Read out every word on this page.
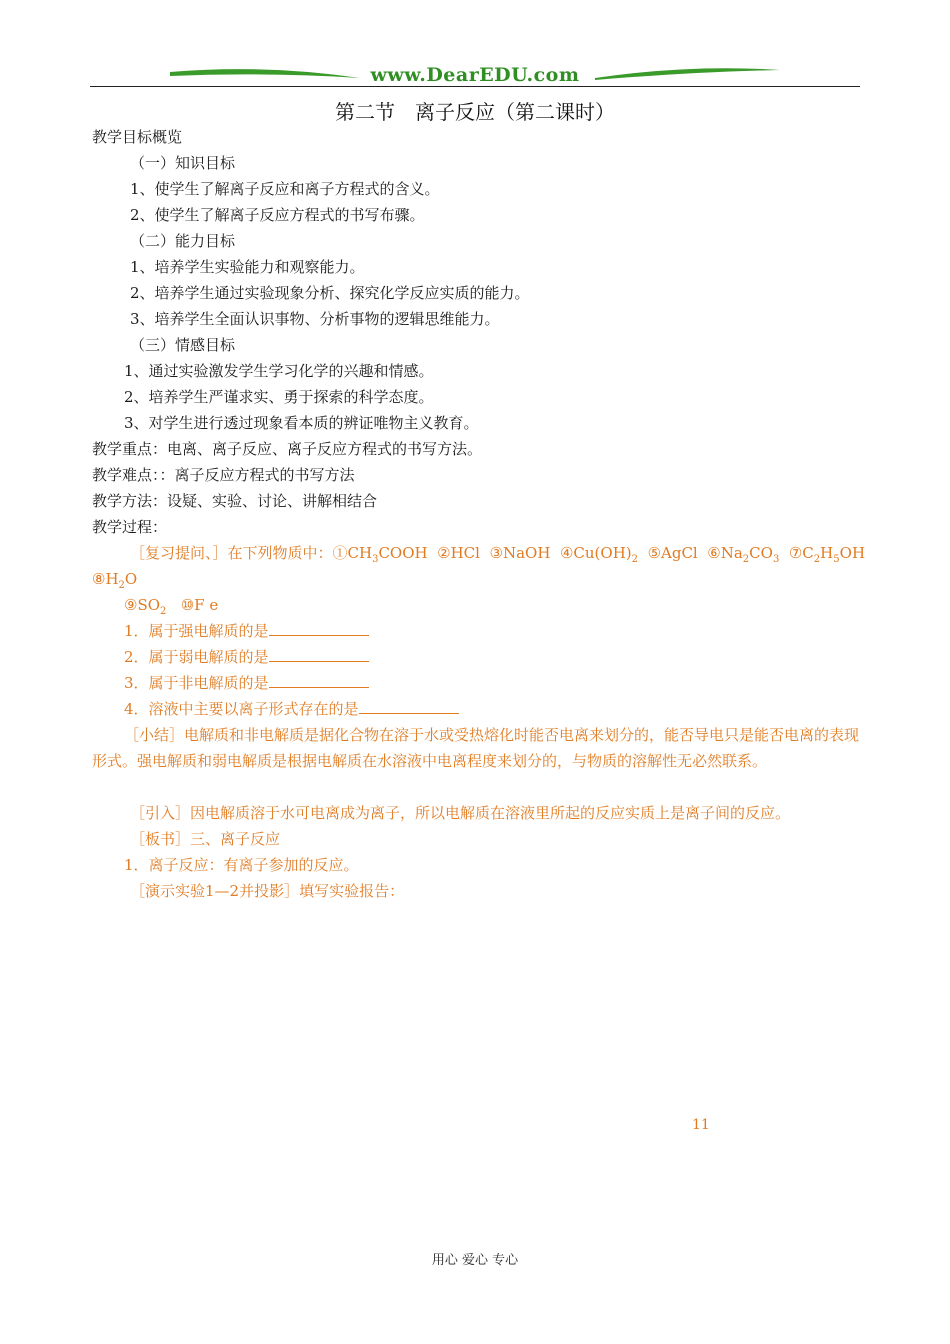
www.DearEDU.com
第二节　离子反应（第二课时）
教学目标概览
（一）知识目标
1、使学生了解离子反应和离子方程式的含义。
2、使学生了解离子反应方程式的书写布骤。
（二）能力目标
1、培养学生实验能力和观察能力。
2、培养学生通过实验现象分析、探究化学反应实质的能力。
3、培养学生全面认识事物、分析事物的逻辑思维能力。
（三）情感目标
1、通过实验激发学生学习化学的兴趣和情感。
2、培养学生严谨求实、勇于探索的科学态度。
3、对学生进行透过现象看本质的辨证唯物主义教育。
教学重点：电离、离子反应、离子反应方程式的书写方法。
教学难点：：离子反应方程式的书写方法
教学方法：设疑、实验、讨论、讲解相结合
教学过程：
［复习提问、］在下列物质中：$①CH_3COOH$ ②HCl ③NaOH $④Cu(OH)_2$ ⑤AgCl $⑥Na_2CO_3$ $⑦C_2H_5OH$
$⑧H_2O$
$⑨SO_2$ ⑩F e
1．属于强电解质的是
2．属于弱电解质的是
3．属于非电解质的是
4．溶液中主要以离子形式存在的是
［小结］电解质和非电解质是据化合物在溶于水或受热熔化时能否电离来划分的，能否导电只是能否电离的表现形式。强电解质和弱电解质是根据电解质在水溶液中电离程度来划分的，与物质的溶解性无必然联系。
［引入］因电解质溶于水可电离成为离子，所以电解质在溶液里所起的反应实质上是离子间的反应。
［板书］三、离子反应
1．离子反应：有离子参加的反应。
［演示实验1—2并投影］填写实验报告：
11
用心 爱心 专心
